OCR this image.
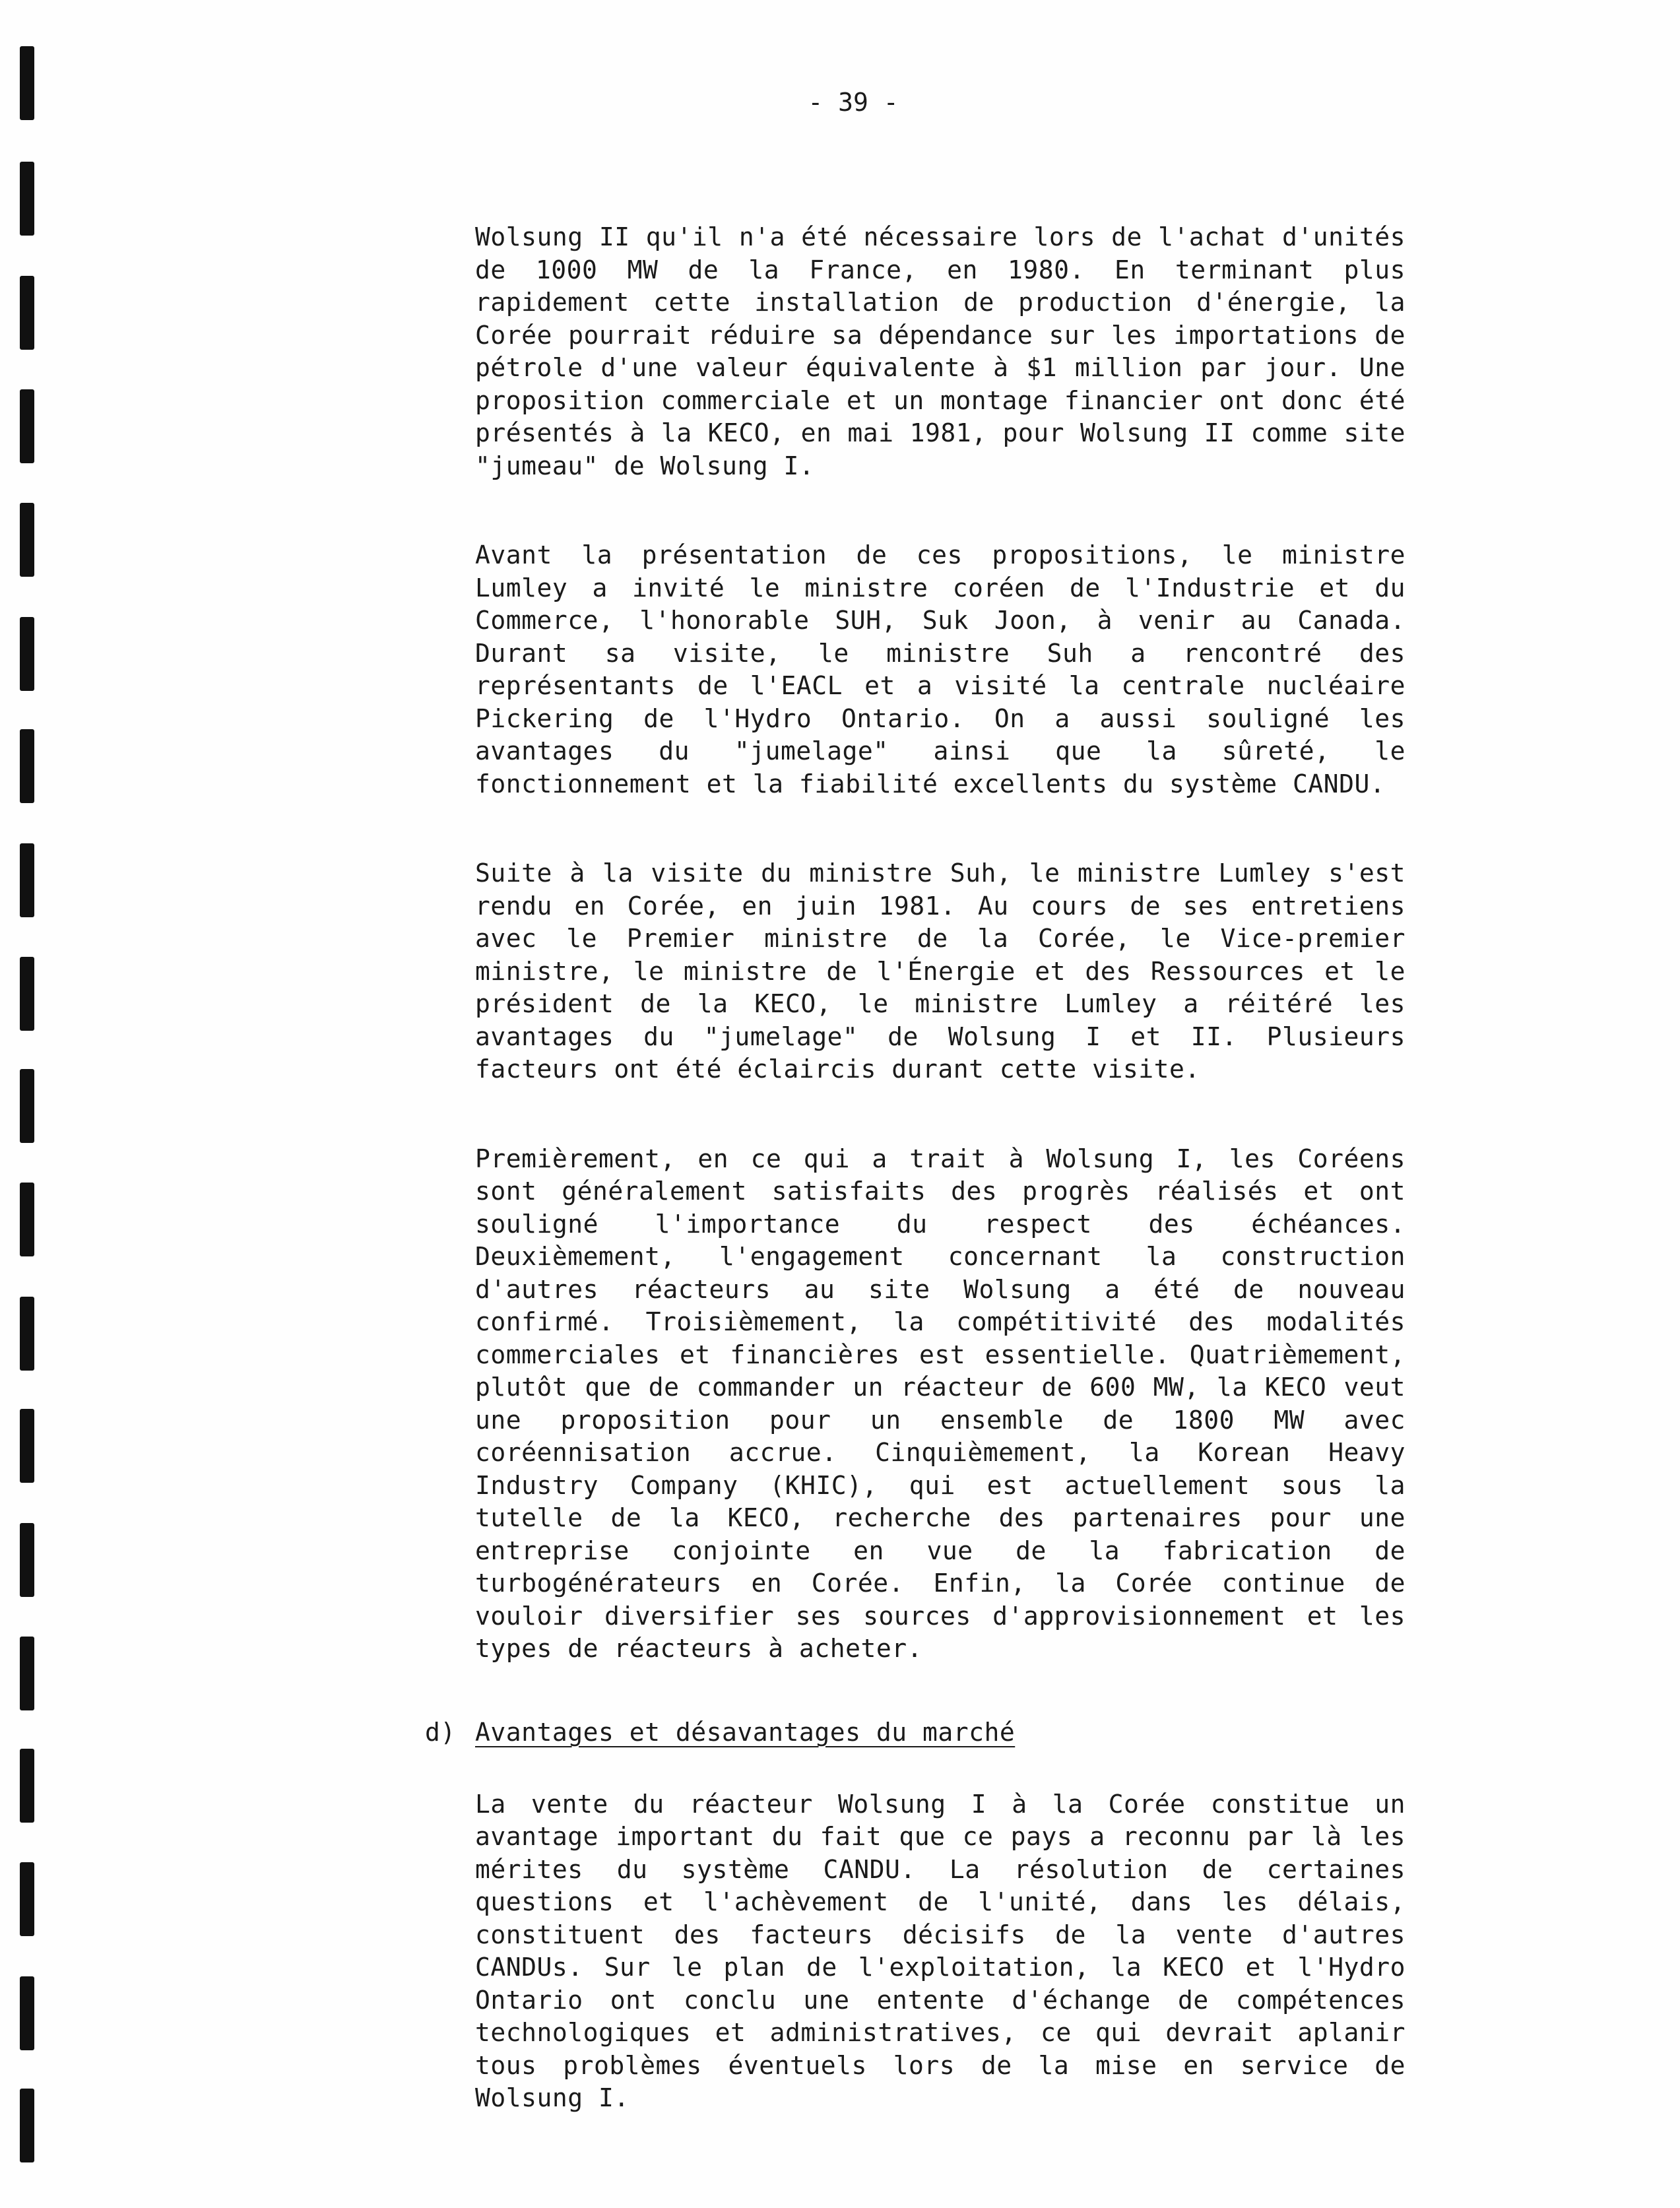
- 39 -

Wolsung II qu'il n'a été nécessaire lors de l'achat d'unités de 1000 MW de la France, en 1980. En terminant plus rapidement cette installation de production d'énergie, la Corée pourrait réduire sa dépendance sur les importations de pétrole d'une valeur équivalente à $1 million par jour. Une proposition commerciale et un montage financier ont donc été présentés à la KECO, en mai 1981, pour Wolsung II comme site "jumeau" de Wolsung I.

Avant la présentation de ces propositions, le ministre Lumley a invité le ministre coréen de l'Industrie et du Commerce, l'honorable SUH, Suk Joon, à venir au Canada. Durant sa visite, le ministre Suh a rencontré des représentants de l'EACL et a visité la centrale nucléaire Pickering de l'Hydro Ontario. On a aussi souligné les avantages du "jumelage" ainsi que la sûreté, le fonctionnement et la fiabilité excellents du système CANDU.

Suite à la visite du ministre Suh, le ministre Lumley s'est rendu en Corée, en juin 1981. Au cours de ses entretiens avec le Premier ministre de la Corée, le Vice-premier ministre, le ministre de l'Énergie et des Ressources et le président de la KECO, le ministre Lumley a réitéré les avantages du "jumelage" de Wolsung I et II. Plusieurs facteurs ont été éclaircis durant cette visite.

Premièrement, en ce qui a trait à Wolsung I, les Coréens sont généralement satisfaits des progrès réalisés et ont souligné l'importance du respect des échéances. Deuxièmement, l'engagement concernant la construction d'autres réacteurs au site Wolsung a été de nouveau confirmé. Troisièmement, la compétitivité des modalités commerciales et financières est essentielle. Quatrièmement, plutôt que de commander un réacteur de 600 MW, la KECO veut une proposition pour un ensemble de 1800 MW avec coréennisation accrue. Cinquièmement, la Korean Heavy Industry Company (KHIC), qui est actuellement sous la tutelle de la KECO, recherche des partenaires pour une entreprise conjointe en vue de la fabrication de turbogénérateurs en Corée. Enfin, la Corée continue de vouloir diversifier ses sources d'approvisionnement et les types de réacteurs à acheter.

d) Avantages et désavantages du marché

La vente du réacteur Wolsung I à la Corée constitue un avantage important du fait que ce pays a reconnu par là les mérites du système CANDU. La résolution de certaines questions et l'achèvement de l'unité, dans les délais, constituent des facteurs décisifs de la vente d'autres CANDUs. Sur le plan de l'exploitation, la KECO et l'Hydro Ontario ont conclu une entente d'échange de compétences technologiques et administratives, ce qui devrait aplanir tous problèmes éventuels lors de la mise en service de Wolsung I.
